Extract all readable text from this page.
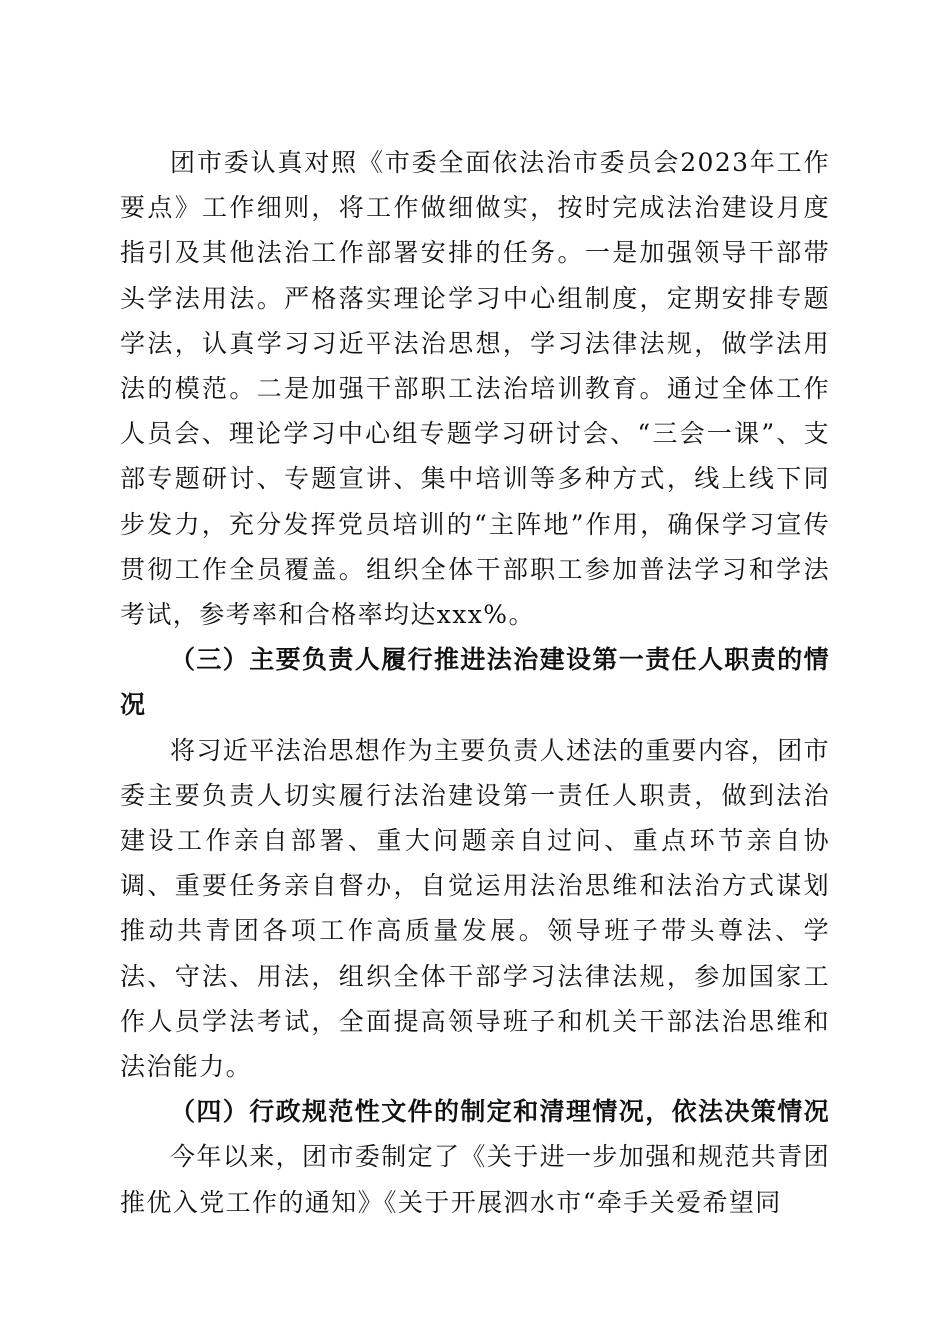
团市委认真对照《市委全面依法治市委员会2023年工作要点》工作细则，将工作做细做实，按时完成法治建设月度指引及其他法治工作部署安排的任务。一是加强领导干部带头学法用法。严格落实理论学习中心组制度，定期安排专题学法，认真学习习近平法治思想，学习法律法规，做学法用法的模范。二是加强干部职工法治培训教育。通过全体工作人员会、理论学习中心组专题学习研讨会、“三会一课”、支部专题研讨、专题宣讲、集中培训等多种方式，线上线下同步发力，充分发挥党员培训的“主阵地”作用，确保学习宣传贯彻工作全员覆盖。组织全体干部职工参加普法学习和学法考试，参考率和合格率均达xxx%。

（三）主要负责人履行推进法治建设第一责任人职责的情况

将习近平法治思想作为主要负责人述法的重要内容，团市委主要负责人切实履行法治建设第一责任人职责，做到法治建设工作亲自部署、重大问题亲自过问、重点环节亲自协调、重要任务亲自督办，自觉运用法治思维和法治方式谋划推动共青团各项工作高质量发展。领导班子带头尊法、学法、守法、用法，组织全体干部学习法律法规，参加国家工作人员学法考试，全面提高领导班子和机关干部法治思维和法治能力。

（四）行政规范性文件的制定和清理情况，依法决策情况

今年以来，团市委制定了《关于进一步加强和规范共青团推优入党工作的通知》《关于开展泗水市“牵手关爱希望同
